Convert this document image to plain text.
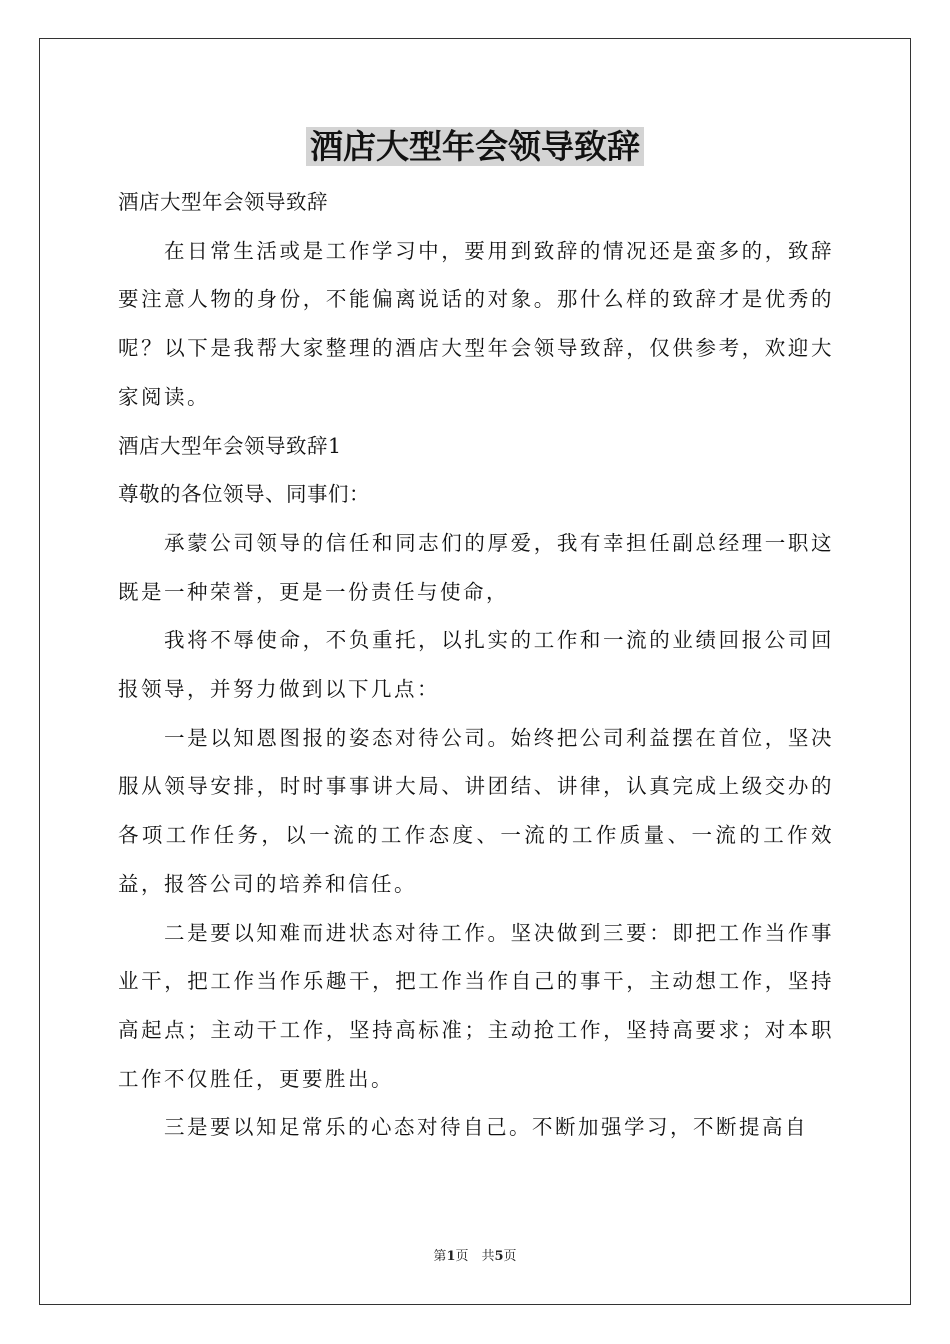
酒店大型年会领导致辞

酒店大型年会领导致辞

在日常生活或是工作学习中，要用到致辞的情况还是蛮多的，致辞要注意人物的身份，不能偏离说话的对象。那什么样的致辞才是优秀的呢？以下是我帮大家整理的酒店大型年会领导致辞，仅供参考，欢迎大家阅读。

酒店大型年会领导致辞1

尊敬的各位领导、同事们：

承蒙公司领导的信任和同志们的厚爱，我有幸担任副总经理一职这既是一种荣誉，更是一份责任与使命，

我将不辱使命，不负重托，以扎实的工作和一流的业绩回报公司回报领导，并努力做到以下几点：

一是以知恩图报的姿态对待公司。始终把公司利益摆在首位，坚决服从领导安排，时时事事讲大局、讲团结、讲律，认真完成上级交办的各项工作任务，以一流的工作态度、一流的工作质量、一流的工作效益，报答公司的培养和信任。

二是要以知难而进状态对待工作。坚决做到三要：即把工作当作事业干，把工作当作乐趣干，把工作当作自己的事干，主动想工作，坚持高起点；主动干工作，坚持高标准；主动抢工作，坚持高要求；对本职工作不仅胜任，更要胜出。

三是要以知足常乐的心态对待自己。不断加强学习，不断提高自

第1页　共5页
